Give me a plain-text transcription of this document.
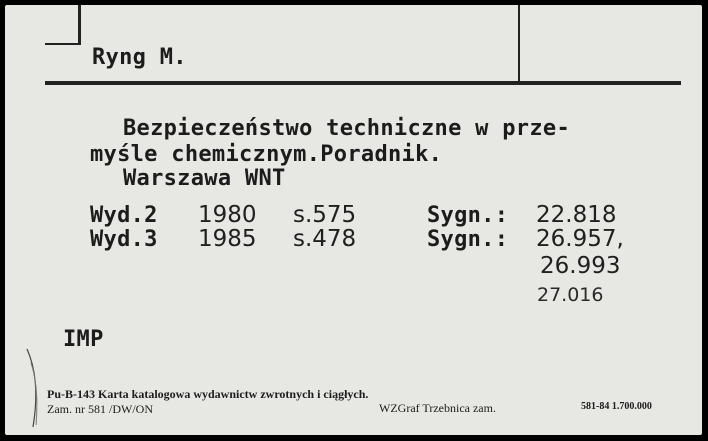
Ryng M.
Bezpieczeństwo techniczne w prze-
myśle chemicznym.Poradnik.
Warszawa WNT
Wyd.2 1980 s.575	Sygn.: 22.818
Wyd.3 1985 s.478	Sygn.: 26.957,
26.993
27.016
IMP
Pu-B-143 Karta katalogowa wydawnictw zwrotnych i ciągłych.
Zam. nr 581 /DW/ON	WZGraf Trzebnica zam.	581-84 1.700.000
